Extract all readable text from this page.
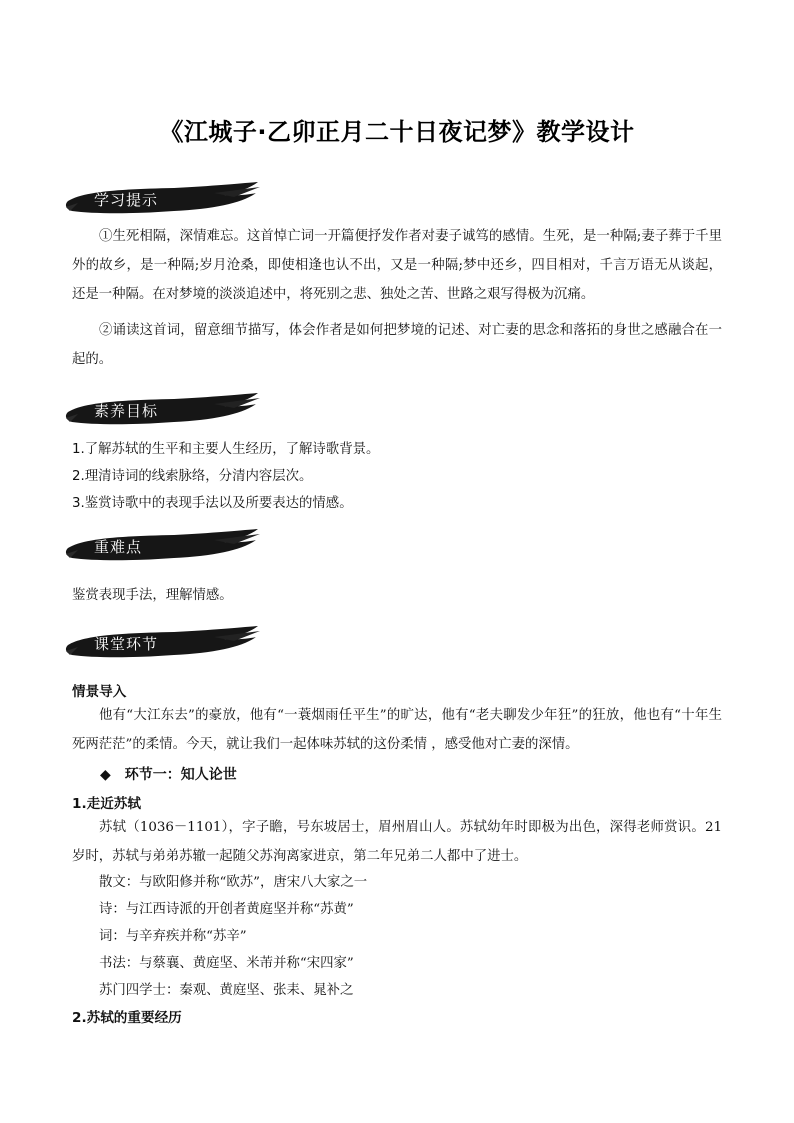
《江城子·乙卯正月二十日夜记梦》教学设计
学习提示

①生死相隔，深情难忘。这首悼亡词一开篇便抒发作者对妻子诚笃的感情。生死，是一种隔;妻子葬于千里外的故乡，是一种隔;岁月沧桑，即使相逢也认不出，又是一种隔;梦中还乡，四目相对，千言万语无从谈起，还是一种隔。在对梦境的淡淡追述中，将死别之悲、独处之苦、世路之艰写得极为沉痛。

②诵读这首词，留意细节描写，体会作者是如何把梦境的记述、对亡妻的思念和落拓的身世之感融合在一起的。

素养目标

1.了解苏轼的生平和主要人生经历，了解诗歌背景。

2.理清诗词的线索脉络，分清内容层次。

3.鉴赏诗歌中的表现手法以及所要表达的情感。

重难点

鉴赏表现手法，理解情感。

课堂环节

情景导入

他有“大江东去”的豪放，他有“一蓑烟雨任平生”的旷达，他有“老夫聊发少年狂”的狂放，他也有“十年生死两茫茫”的柔情。今天，就让我们一起体味苏轼的这份柔情 ，感受他对亡妻的深情。

◆ 环节一：知人论世

1.走近苏轼

苏轼（1036－1101），字子瞻，号东坡居士，眉州眉山人。苏轼幼年时即极为出色，深得老师赏识。21岁时，苏轼与弟弟苏辙一起随父苏洵离家进京，第二年兄弟二人都中了进士。

散文：与欧阳修并称“欧苏”，唐宋八大家之一

诗：与江西诗派的开创者黄庭坚并称“苏黄”

词：与辛弃疾并称“苏辛”

书法：与蔡襄、黄庭坚、米芾并称“宋四家”

苏门四学士：秦观、黄庭坚、张耒、晁补之

2.苏轼的重要经历
